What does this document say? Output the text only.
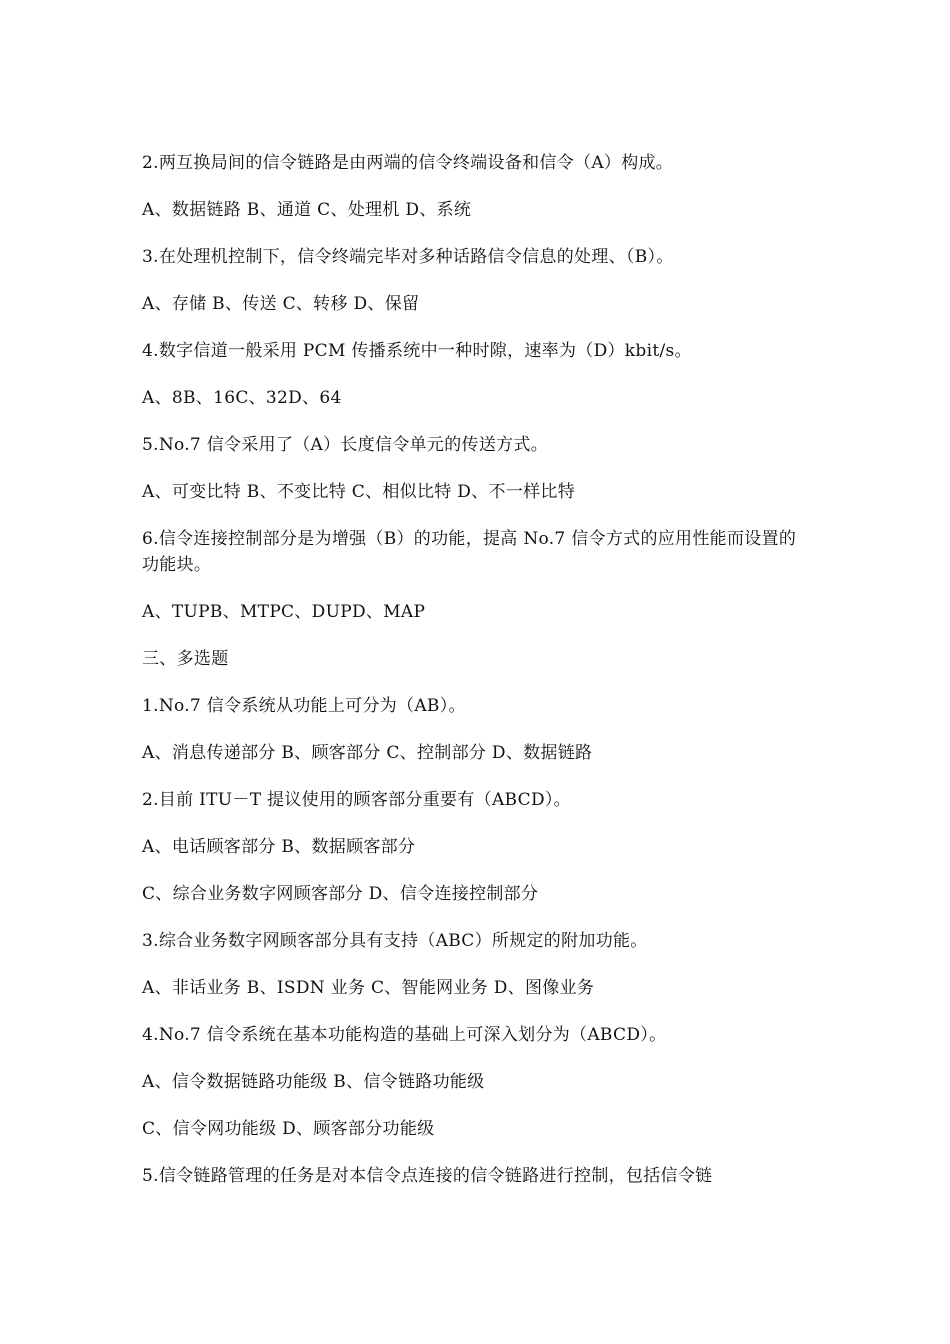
2.两互换局间的信令链路是由两端的信令终端设备和信令（A）构成。

A、数据链路 B、通道 C、处理机 D、系统

3.在处理机控制下，信令终端完毕对多种话路信令信息的处理、（B）。

A、存储 B、传送 C、转移 D、保留

4.数字信道一般采用 PCM 传播系统中一种时隙，速率为（D）kbit/s。

A、8B、16C、32D、64

5.No.7 信令采用了（A）长度信令单元的传送方式。

A、可变比特 B、不变比特 C、相似比特 D、不一样比特

6.信令连接控制部分是为增强（B）的功能，提高 No.7 信令方式的应用性能而设置的功能块。

A、TUPB、MTPC、DUPD、MAP

三、多选题

1.No.7 信令系统从功能上可分为（AB）。

A、消息传递部分 B、顾客部分 C、控制部分 D、数据链路

2.目前 ITU－T 提议使用的顾客部分重要有（ABCD）。

A、电话顾客部分 B、数据顾客部分

C、综合业务数字网顾客部分 D、信令连接控制部分

3.综合业务数字网顾客部分具有支持（ABC）所规定的附加功能。

A、非话业务 B、ISDN 业务 C、智能网业务 D、图像业务

4.No.7 信令系统在基本功能构造的基础上可深入划分为（ABCD）。

A、信令数据链路功能级 B、信令链路功能级

C、信令网功能级 D、顾客部分功能级

5.信令链路管理的任务是对本信令点连接的信令链路进行控制，包括信令链
